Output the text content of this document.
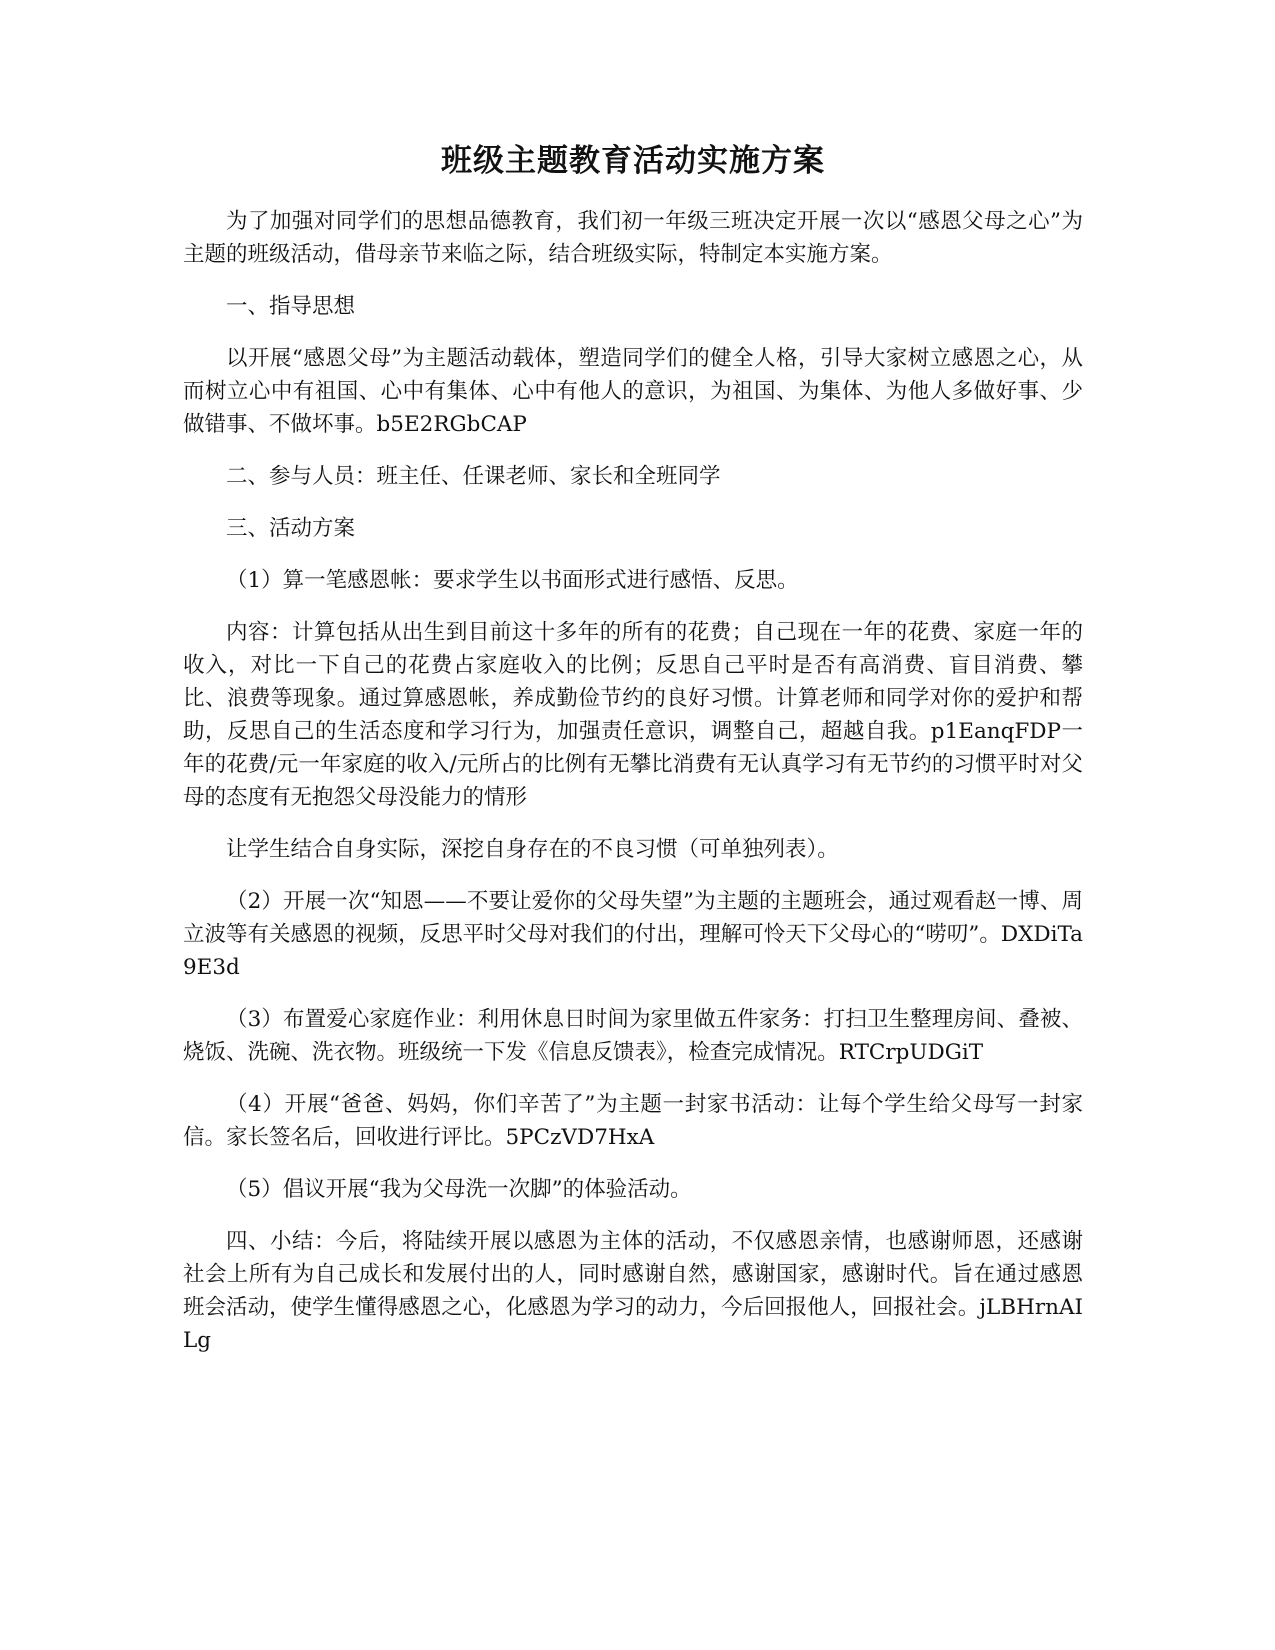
班级主题教育活动实施方案

为了加强对同学们的思想品德教育，我们初一年级三班决定开展一次以“感恩父母之心”为主题的班级活动，借母亲节来临之际，结合班级实际，特制定本实施方案。

一、指导思想

以开展“感恩父母”为主题活动载体，塑造同学们的健全人格，引导大家树立感恩之心，从而树立心中有祖国、心中有集体、心中有他人的意识，为祖国、为集体、为他人多做好事、少做错事、不做坏事。b5E2RGbCAP

二、参与人员：班主任、任课老师、家长和全班同学

三、活动方案

（1）算一笔感恩帐：要求学生以书面形式进行感悟、反思。

内容：计算包括从出生到目前这十多年的所有的花费；自己现在一年的花费、家庭一年的收入，对比一下自己的花费占家庭收入的比例；反思自己平时是否有高消费、盲目消费、攀比、浪费等现象。通过算感恩帐，养成勤俭节约的良好习惯。计算老师和同学对你的爱护和帮助，反思自己的生活态度和学习行为，加强责任意识，调整自己，超越自我。p1EanqFDP一年的花费/元一年家庭的收入/元所占的比例有无攀比消费有无认真学习有无节约的习惯平时对父母的态度有无抱怨父母没能力的情形

让学生结合自身实际，深挖自身存在的不良习惯（可单独列表）。

（2）开展一次“知恩——不要让爱你的父母失望”为主题的主题班会，通过观看赵一博、周立波等有关感恩的视频，反思平时父母对我们的付出，理解可怜天下父母心的“唠叨”。DXDiTa9E3d

（3）布置爱心家庭作业：利用休息日时间为家里做五件家务：打扫卫生整理房间、叠被、烧饭、洗碗、洗衣物。班级统一下发《信息反馈表》，检查完成情况。RTCrpUDGiT

（4）开展“爸爸、妈妈，你们辛苦了”为主题一封家书活动：让每个学生给父母写一封家信。家长签名后，回收进行评比。5PCzVD7HxA

（5）倡议开展“我为父母洗一次脚”的体验活动。

四、小结：今后，将陆续开展以感恩为主体的活动，不仅感恩亲情，也感谢师恩，还感谢社会上所有为自己成长和发展付出的人，同时感谢自然，感谢国家，感谢时代。旨在通过感恩班会活动，使学生懂得感恩之心，化感恩为学习的动力，今后回报他人，回报社会。jLBHrnAILg
